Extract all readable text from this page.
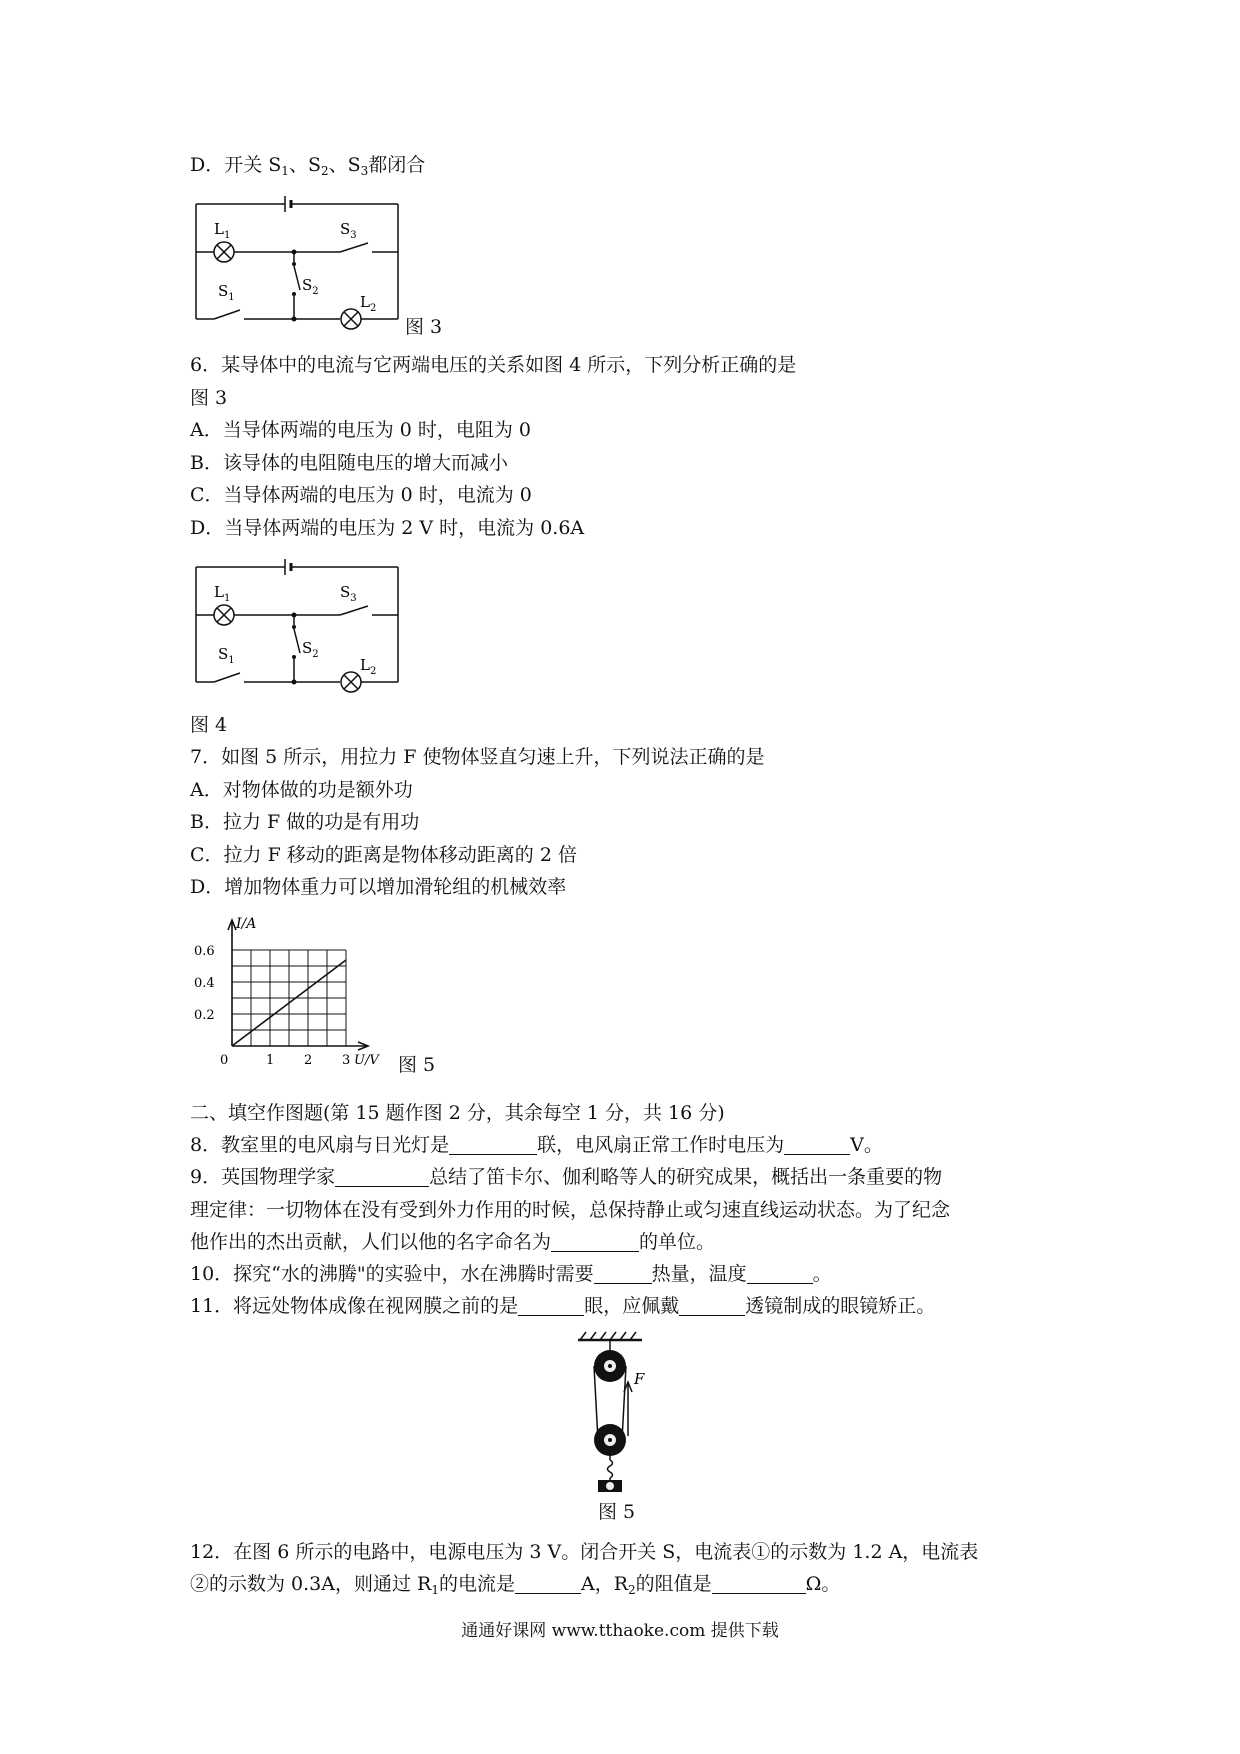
D．开关 $S_1$、$S_2$、$S_3$都闭合
$L_1$	$S_3$
$S_2$
$S_1$	$L_2$
图 3
6．某导体中的电流与它两端电压的关系如图 4 所示，下列分析正确的是
图 3
A．当导体两端的电压为 0 时，电阻为 0
B．该导体的电阻随电压的增大而减小
C．当导体两端的电压为 0 时，电流为 0
D．当导体两端的电压为 2 V 时，电流为 0.6A
$L_1$	$S_3$
$S_2$
$S_1$	$L_2$
图 4
7．如图 5 所示，用拉力 F 使物体竖直匀速上升，下列说法正确的是
A．对物体做的功是额外功
B．拉力 F 做的功是有用功
C．拉力 F 移动的距离是物体移动距离的 2 倍
D．增加物体重力可以增加滑轮组的机械效率
I/A
0.6
0.4
0.2
0	1 2 3 U/V 图 5
二、填空作图题(第 15 题作图 2 分，其余每空 1 分，共 16 分)
8．教室里的电风扇与日光灯是	联，电风扇正常工作时电压为	V。
9．英国物理学家	总结了笛卡尔、伽利略等人的研究成果，概括出一条重要的物
理定律：一切物体在没有受到外力作用的时候，总保持静止或匀速直线运动状态。为了纪念
他作出的杰出贡献，人们以他的名字命名为	的单位。
10．探究“水的沸腾"的实验中，水在沸腾时需要	热量，温度	。
11．将远处物体成像在视网膜之前的是	眼，应佩戴	透镜制成的眼镜矫正。
F
图 5
12．在图 6 所示的电路中，电源电压为 3 V。闭合开关 S，电流表①的示数为 1.2 A，电流表
②的示数为 0.3A，则通过 $R_1$的电流是	A，$R_2$的阻值是	Ω。
通通好课网 www.tthaoke.com 提供下载
